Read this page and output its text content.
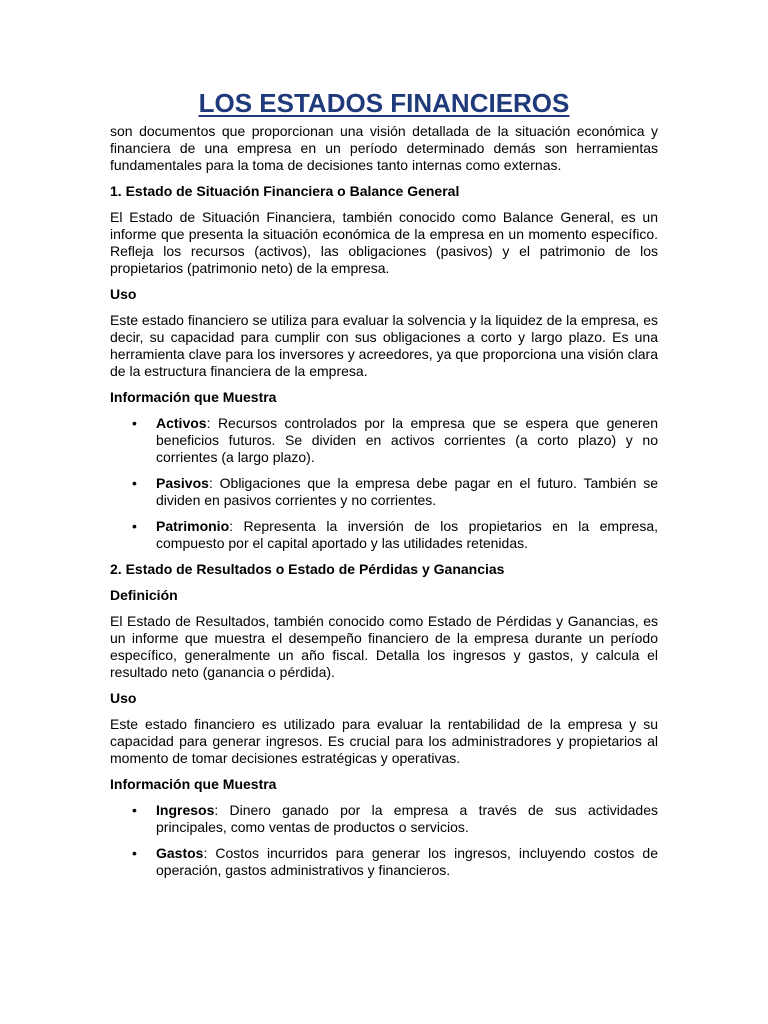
LOS ESTADOS FINANCIEROS

son documentos que proporcionan una visión detallada de la situación económica y financiera de una empresa en un período determinado demás son herramientas fundamentales para la toma de decisiones tanto internas como externas.

1. Estado de Situación Financiera o Balance General

El Estado de Situación Financiera, también conocido como Balance General, es un informe que presenta la situación económica de la empresa en un momento específico. Refleja los recursos (activos), las obligaciones (pasivos) y el patrimonio de los propietarios (patrimonio neto) de la empresa.

Uso

Este estado financiero se utiliza para evaluar la solvencia y la liquidez de la empresa, es decir, su capacidad para cumplir con sus obligaciones a corto y largo plazo. Es una herramienta clave para los inversores y acreedores, ya que proporciona una visión clara de la estructura financiera de la empresa.

Información que Muestra

•	Activos: Recursos controlados por la empresa que se espera que generen beneficios futuros. Se dividen en activos corrientes (a corto plazo) y no corrientes (a largo plazo).
•	Pasivos: Obligaciones que la empresa debe pagar en el futuro. También se dividen en pasivos corrientes y no corrientes.
•	Patrimonio: Representa la inversión de los propietarios en la empresa, compuesto por el capital aportado y las utilidades retenidas.

2. Estado de Resultados o Estado de Pérdidas y Ganancias

Definición

El Estado de Resultados, también conocido como Estado de Pérdidas y Ganancias, es un informe que muestra el desempeño financiero de la empresa durante un período específico, generalmente un año fiscal. Detalla los ingresos y gastos, y calcula el resultado neto (ganancia o pérdida).

Uso

Este estado financiero es utilizado para evaluar la rentabilidad de la empresa y su capacidad para generar ingresos. Es crucial para los administradores y propietarios al momento de tomar decisiones estratégicas y operativas.

Información que Muestra

•	Ingresos: Dinero ganado por la empresa a través de sus actividades principales, como ventas de productos o servicios.
•	Gastos: Costos incurridos para generar los ingresos, incluyendo costos de operación, gastos administrativos y financieros.
